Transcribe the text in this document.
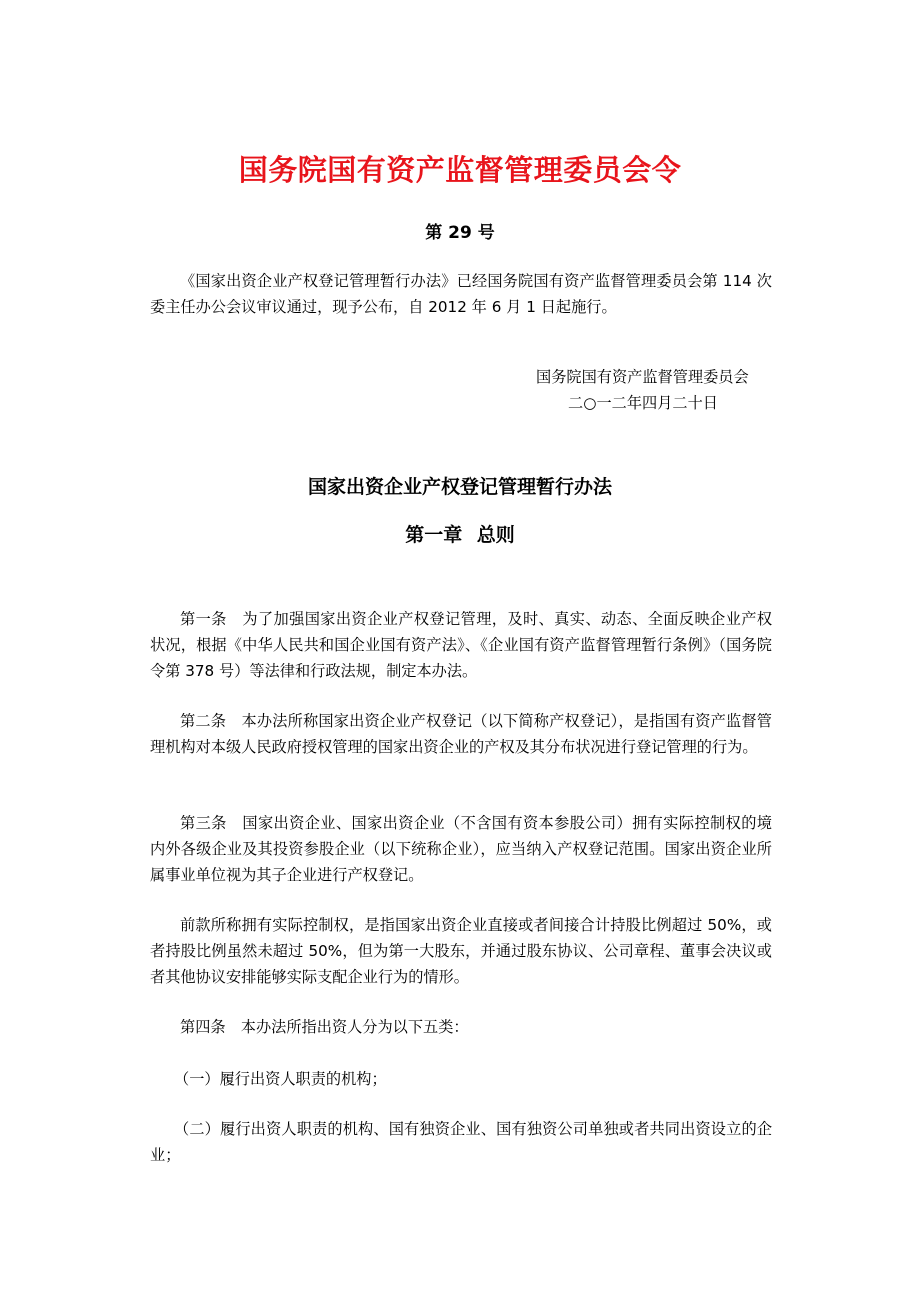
国务院国有资产监督管理委员会令
第 29 号
《国家出资企业产权登记管理暂行办法》已经国务院国有资产监督管理委员会第 114 次委主任办公会议审议通过，现予公布，自 2012 年 6 月 1 日起施行。
国务院国有资产监督管理委员会
二○一二年四月二十日
国家出资企业产权登记管理暂行办法
第一章 总则
第一条　为了加强国家出资企业产权登记管理，及时、真实、动态、全面反映企业产权状况，根据《中华人民共和国企业国有资产法》、《企业国有资产监督管理暂行条例》（国务院令第 378 号）等法律和行政法规，制定本办法。
第二条　本办法所称国家出资企业产权登记（以下简称产权登记），是指国有资产监督管理机构对本级人民政府授权管理的国家出资企业的产权及其分布状况进行登记管理的行为。
第三条　国家出资企业、国家出资企业（不含国有资本参股公司）拥有实际控制权的境内外各级企业及其投资参股企业（以下统称企业），应当纳入产权登记范围。国家出资企业所属事业单位视为其子企业进行产权登记。
前款所称拥有实际控制权，是指国家出资企业直接或者间接合计持股比例超过 50%，或者持股比例虽然未超过 50%，但为第一大股东，并通过股东协议、公司章程、董事会决议或者其他协议安排能够实际支配企业行为的情形。
第四条　本办法所指出资人分为以下五类：
（一）履行出资人职责的机构；
（二）履行出资人职责的机构、国有独资企业、国有独资公司单独或者共同出资设立的企业；
